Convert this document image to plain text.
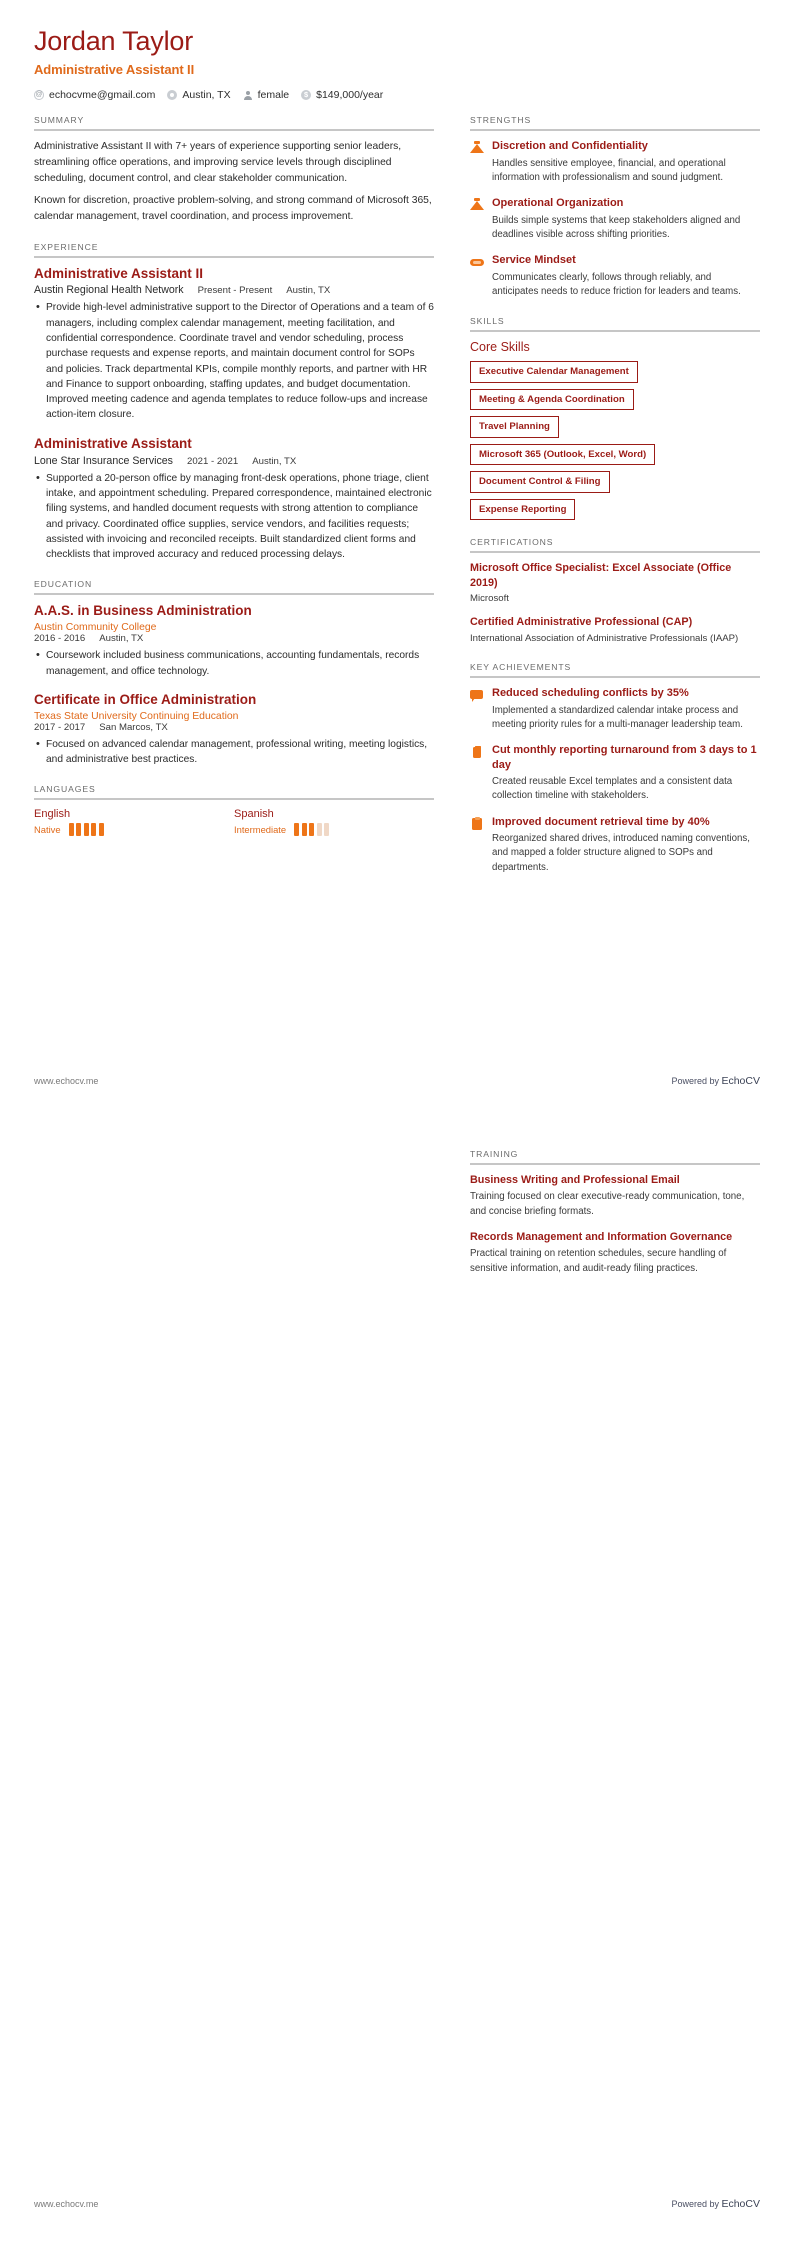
Jordan Taylor
Administrative Assistant II
@
echocvme@gmail.com	Austin, TX	female $	$149,000/year
SUMMARY

Administrative Assistant II with 7+ years of experience supporting senior leaders, streamlining office operations, and improving service levels through disciplined scheduling, document control, and clear stakeholder communication.

Known for discretion, proactive problem-solving, and strong command of Microsoft 365, calendar management, travel coordination, and process improvement.

EXPERIENCE
Administrative Assistant II
Austin Regional Health Network Present - Present Austin, TX
• Provide high-level administrative support to the Director of Operations and a team of 6 managers, including complex calendar management, meeting facilitation, and confidential correspondence. Coordinate travel and vendor scheduling, process purchase requests and expense reports, and maintain document control for SOPs and policies. Track departmental KPIs, compile monthly reports, and partner with HR and Finance to support onboarding, staffing updates, and budget documentation. Improved meeting cadence and agenda templates to reduce follow-ups and increase action-item closure.
Administrative Assistant
Lone Star Insurance Services 2021 - 2021 Austin, TX
• Supported a 20-person office by managing front-desk operations, phone triage, client intake, and appointment scheduling. Prepared correspondence, maintained electronic filing systems, and handled document requests with strong attention to compliance and privacy. Coordinated office supplies, service vendors, and facilities requests; assisted with invoicing and reconciled receipts. Built standardized client forms and checklists that improved accuracy and reduced processing delays.
EDUCATION
A.A.S. in Business Administration
Austin Community College
2016 - 2016 Austin, TX
• Coursework included business communications, accounting fundamentals, records management, and office technology.
Certificate in Office Administration
Texas State University Continuing Education
2017 - 2017 San Marcos, TX
• Focused on advanced calendar management, professional writing, meeting logistics, and administrative best practices.
LANGUAGES
English
Native
Spanish
Intermediate
STRENGTHS
Discretion and Confidentiality
Handles sensitive employee, financial, and operational information with professionalism and sound judgment.
Operational Organization
Builds simple systems that keep stakeholders aligned and deadlines visible across shifting priorities.
Service Mindset
Communicates clearly, follows through reliably, and anticipates needs to reduce friction for leaders and teams.
SKILLS
Core Skills
Executive Calendar Management
Meeting & Agenda Coordination
Travel Planning
Microsoft 365 (Outlook, Excel, Word)
Document Control & Filing
Expense Reporting
CERTIFICATIONS
Microsoft Office Specialist: Excel Associate (Office 2019)
Microsoft
Certified Administrative Professional (CAP)
International Association of Administrative Professionals (IAAP)
KEY ACHIEVEMENTS
Reduced scheduling conflicts by 35%
Implemented a standardized calendar intake process and meeting priority rules for a multi-manager leadership team.
Cut monthly reporting turnaround from 3 days to 1 day
Created reusable Excel templates and a consistent data collection timeline with stakeholders.
Improved document retrieval time by 40%
Reorganized shared drives, introduced naming conventions, and mapped a folder structure aligned to SOPs and departments.
www.echocv.me	Powered by EchoCV
TRAINING
Business Writing and Professional Email
Training focused on clear executive-ready communication, tone, and concise briefing formats.
Records Management and Information Governance
Practical training on retention schedules, secure handling of sensitive information, and audit-ready filing practices.
www.echocv.me	Powered by EchoCV
